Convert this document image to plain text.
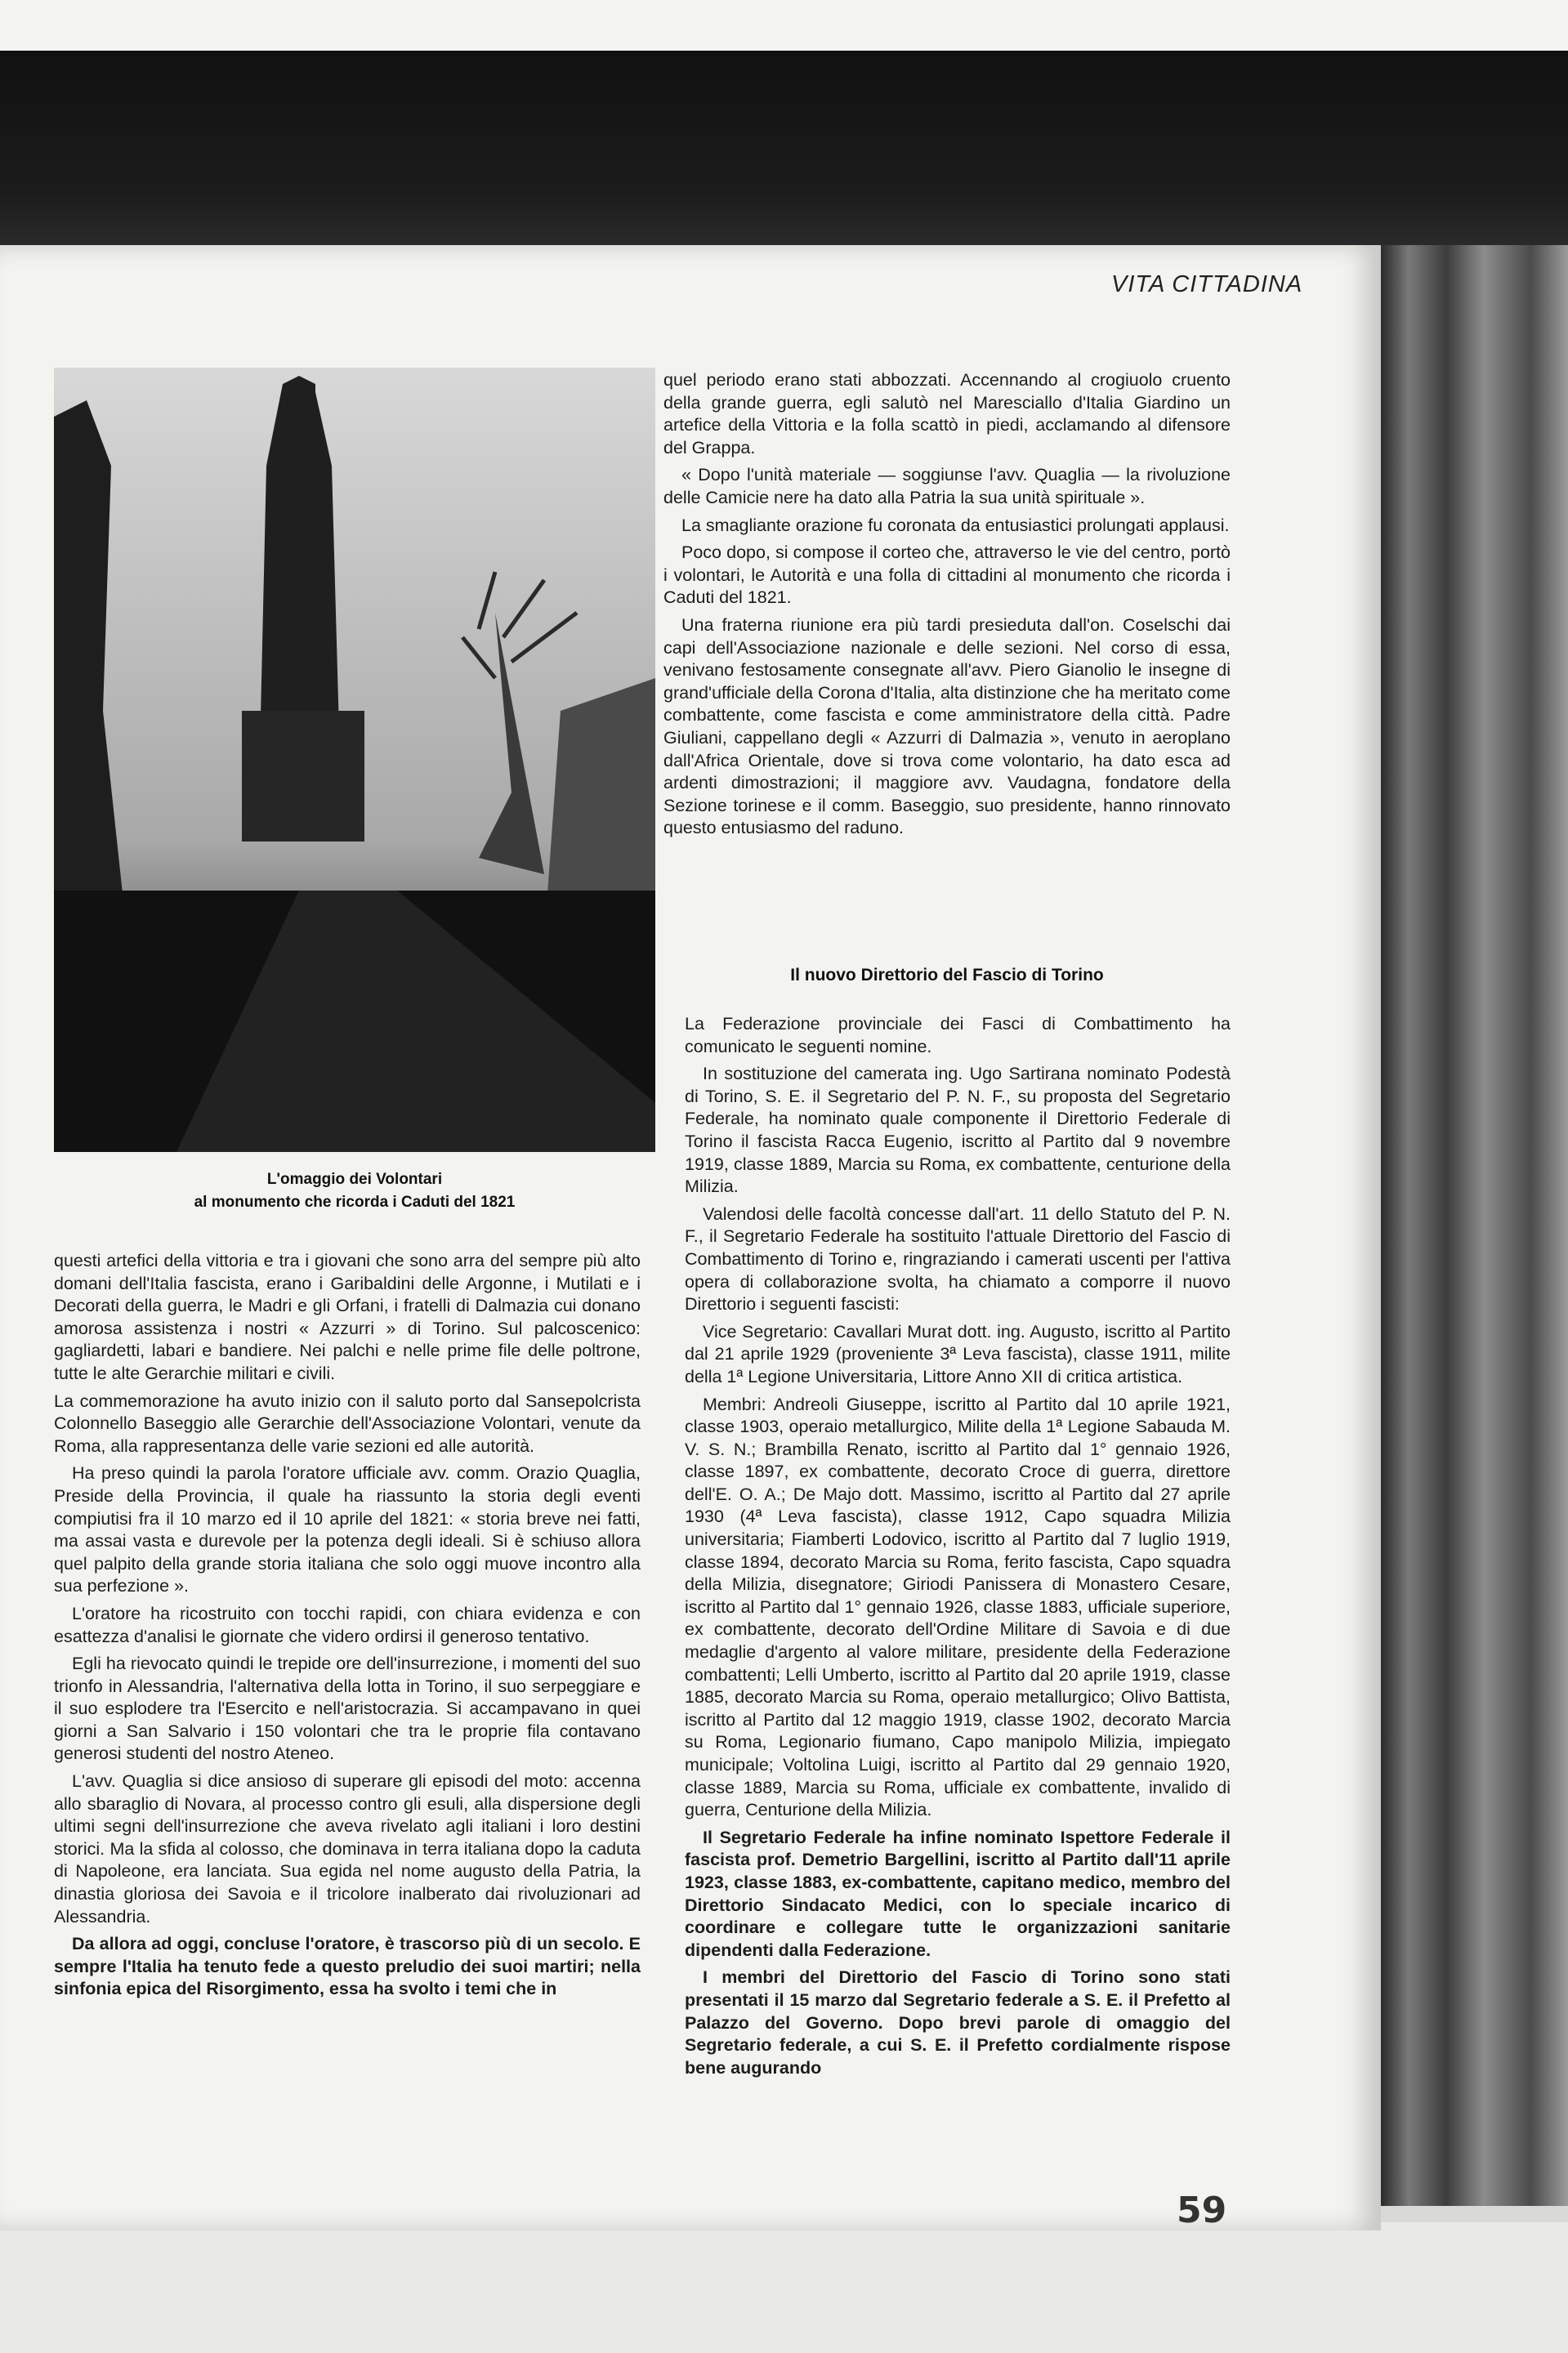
VITA CITTADINA
L'omaggio dei Volontari
al monumento che ricorda i Caduti del 1821

questi artefici della vittoria e tra i giovani che sono arra del sempre più alto domani dell'Italia fascista, erano i Garibaldini delle Argonne, i Mutilati e i Decorati della guerra, le Madri e gli Orfani, i fratelli di Dalmazia cui donano amorosa assistenza i nostri « Azzurri » di Torino. Sul palcoscenico: gagliardetti, labari e bandiere. Nei palchi e nelle prime file delle poltrone, tutte le alte Gerarchie militari e civili.

La commemorazione ha avuto inizio con il saluto porto dal Sansepolcrista Colonnello Baseggio alle Gerarchie dell'Associazione Volontari, venute da Roma, alla rappresentanza delle varie sezioni ed alle autorità.

Ha preso quindi la parola l'oratore ufficiale avv. comm. Orazio Quaglia, Preside della Provincia, il quale ha riassunto la storia degli eventi compiutisi fra il 10 marzo ed il 10 aprile del 1821: « storia breve nei fatti, ma assai vasta e durevole per la potenza degli ideali. Si è schiuso allora quel palpito della grande storia italiana che solo oggi muove incontro alla sua perfezione ».

L'oratore ha ricostruito con tocchi rapidi, con chiara evidenza e con esattezza d'analisi le giornate che videro ordirsi il generoso tentativo.

Egli ha rievocato quindi le trepide ore dell'insurrezione, i momenti del suo trionfo in Alessandria, l'alternativa della lotta in Torino, il suo serpeggiare e il suo esplodere tra l'Esercito e nell'aristocrazia. Si accampavano in quei giorni a San Salvario i 150 volontari che tra le proprie fila contavano generosi studenti del nostro Ateneo.

L'avv. Quaglia si dice ansioso di superare gli episodi del moto: accenna allo sbaraglio di Novara, al processo contro gli esuli, alla dispersione degli ultimi segni dell'insurrezione che aveva rivelato agli italiani i loro destini storici. Ma la sfida al colosso, che dominava in terra italiana dopo la caduta di Napoleone, era lanciata. Sua egida nel nome augusto della Patria, la dinastia gloriosa dei Savoia e il tricolore inalberato dai rivoluzionari ad Alessandria.

Da allora ad oggi, concluse l'oratore, è trascorso più di un secolo. E sempre l'Italia ha tenuto fede a questo preludio dei suoi martiri; nella sinfonia epica del Risorgimento, essa ha svolto i temi che in

quel periodo erano stati abbozzati. Accennando al crogiuolo cruento della grande guerra, egli salutò nel Maresciallo d'Italia Giardino un artefice della Vittoria e la folla scattò in piedi, acclamando al difensore del Grappa.

« Dopo l'unità materiale — soggiunse l'avv. Quaglia — la rivoluzione delle Camicie nere ha dato alla Patria la sua unità spirituale ».

La smagliante orazione fu coronata da entusiastici prolungati applausi.

Poco dopo, si compose il corteo che, attraverso le vie del centro, portò i volontari, le Autorità e una folla di cittadini al monumento che ricorda i Caduti del 1821.

Una fraterna riunione era più tardi presieduta dall'on. Coselschi dai capi dell'Associazione nazionale e delle sezioni. Nel corso di essa, venivano festosamente consegnate all'avv. Piero Gianolio le insegne di grand'ufficiale della Corona d'Italia, alta distinzione che ha meritato come combattente, come fascista e come amministratore della città. Padre Giuliani, cappellano degli « Azzurri di Dalmazia », venuto in aeroplano dall'Africa Orientale, dove si trova come volontario, ha dato esca ad ardenti dimostrazioni; il maggiore avv. Vaudagna, fondatore della Sezione torinese e il comm. Baseggio, suo presidente, hanno rinnovato questo entusiasmo del raduno.

Il nuovo Direttorio del Fascio di Torino

La Federazione provinciale dei Fasci di Combattimento ha comunicato le seguenti nomine.

In sostituzione del camerata ing. Ugo Sartirana nominato Podestà di Torino, S. E. il Segretario del P. N. F., su proposta del Segretario Federale, ha nominato quale componente il Direttorio Federale di Torino il fascista Racca Eugenio, iscritto al Partito dal 9 novembre 1919, classe 1889, Marcia su Roma, ex combattente, centurione della Milizia.

Valendosi delle facoltà concesse dall'art. 11 dello Statuto del P. N. F., il Segretario Federale ha sostituito l'attuale Direttorio del Fascio di Combattimento di Torino e, ringraziando i camerati uscenti per l'attiva opera di collaborazione svolta, ha chiamato a comporre il nuovo Direttorio i seguenti fascisti:

Vice Segretario: Cavallari Murat dott. ing. Augusto, iscritto al Partito dal 21 aprile 1929 (proveniente 3ª Leva fascista), classe 1911, milite della 1ª Legione Universitaria, Littore Anno XII di critica artistica.

Membri: Andreoli Giuseppe, iscritto al Partito dal 10 aprile 1921, classe 1903, operaio metallurgico, Milite della 1ª Legione Sabauda M. V. S. N.; Brambilla Renato, iscritto al Partito dal 1° gennaio 1926, classe 1897, ex combattente, decorato Croce di guerra, direttore dell'E. O. A.; De Majo dott. Massimo, iscritto al Partito dal 27 aprile 1930 (4ª Leva fascista), classe 1912, Capo squadra Milizia universitaria; Fiamberti Lodovico, iscritto al Partito dal 7 luglio 1919, classe 1894, decorato Marcia su Roma, ferito fascista, Capo squadra della Milizia, disegnatore; Giriodi Panissera di Monastero Cesare, iscritto al Partito dal 1° gennaio 1926, classe 1883, ufficiale superiore, ex combattente, decorato dell'Ordine Militare di Savoia e di due medaglie d'argento al valore militare, presidente della Federazione combattenti; Lelli Umberto, iscritto al Partito dal 20 aprile 1919, classe 1885, decorato Marcia su Roma, operaio metallurgico; Olivo Battista, iscritto al Partito dal 12 maggio 1919, classe 1902, decorato Marcia su Roma, Legionario fiumano, Capo manipolo Milizia, impiegato municipale; Voltolina Luigi, iscritto al Partito dal 29 gennaio 1920, classe 1889, Marcia su Roma, ufficiale ex combattente, invalido di guerra, Centurione della Milizia.

Il Segretario Federale ha infine nominato Ispettore Federale il fascista prof. Demetrio Bargellini, iscritto al Partito dall'11 aprile 1923, classe 1883, ex-combattente, capitano medico, membro del Direttorio Sindacato Medici, con lo speciale incarico di coordinare e collegare tutte le organizzazioni sanitarie dipendenti dalla Federazione.

I membri del Direttorio del Fascio di Torino sono stati presentati il 15 marzo dal Segretario federale a S. E. il Prefetto al Palazzo del Governo. Dopo brevi parole di omaggio del Segretario federale, a cui S. E. il Prefetto cordialmente rispose bene augurando

59
